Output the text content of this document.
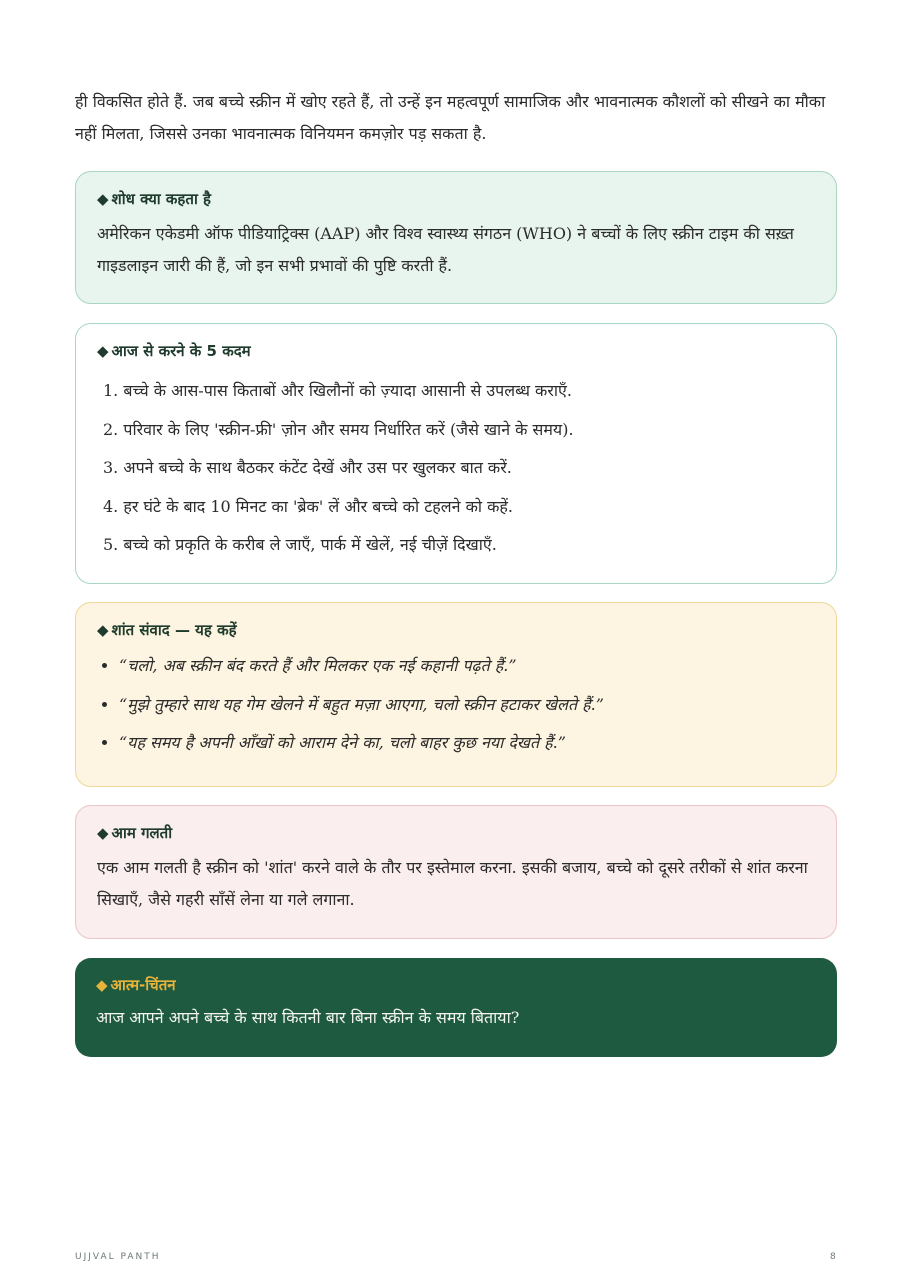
ही विकसित होते हैं. जब बच्चे स्क्रीन में खोए रहते हैं, तो उन्हें इन महत्वपूर्ण सामाजिक और भावनात्मक कौशलों को सीखने का मौका नहीं मिलता, जिससे उनका भावनात्मक विनियमन कमज़ोर पड़ सकता है.

◆ शोध क्या कहता है

अमेरिकन एकेडमी ऑफ पीडियाट्रिक्स (AAP) और विश्व स्वास्थ्य संगठन (WHO) ने बच्चों के लिए स्क्रीन टाइम की सख़्त गाइडलाइन जारी की हैं, जो इन सभी प्रभावों की पुष्टि करती हैं.

◆ आज से करने के 5 कदम
1. बच्चे के आस-पास किताबों और खिलौनों को ज़्यादा आसानी से उपलब्ध कराएँ.
2. परिवार के लिए 'स्क्रीन-फ्री' ज़ोन और समय निर्धारित करें (जैसे खाने के समय).
3. अपने बच्चे के साथ बैठकर कंटेंट देखें और उस पर खुलकर बात करें.
4. हर घंटे के बाद 10 मिनट का 'ब्रेक' लें और बच्चे को टहलने को कहें.
5. बच्चे को प्रकृति के करीब ले जाएँ, पार्क में खेलें, नई चीज़ें दिखाएँ.
◆ शांत संवाद — यह कहें
• “चलो, अब स्क्रीन बंद करते हैं और मिलकर एक नई कहानी पढ़ते हैं.”
• “मुझे तुम्हारे साथ यह गेम खेलने में बहुत मज़ा आएगा, चलो स्क्रीन हटाकर खेलते हैं.”
• “यह समय है अपनी आँखों को आराम देने का, चलो बाहर कुछ नया देखते हैं.”
◆ आम गलती

एक आम गलती है स्क्रीन को 'शांत' करने वाले के तौर पर इस्तेमाल करना. इसकी बजाय, बच्चे को दूसरे तरीकों से शांत करना सिखाएँ, जैसे गहरी साँसें लेना या गले लगाना.

◆ आत्म-चिंतन

आज आपने अपने बच्चे के साथ कितनी बार बिना स्क्रीन के समय बिताया?

UJJVAL PANTH	8
